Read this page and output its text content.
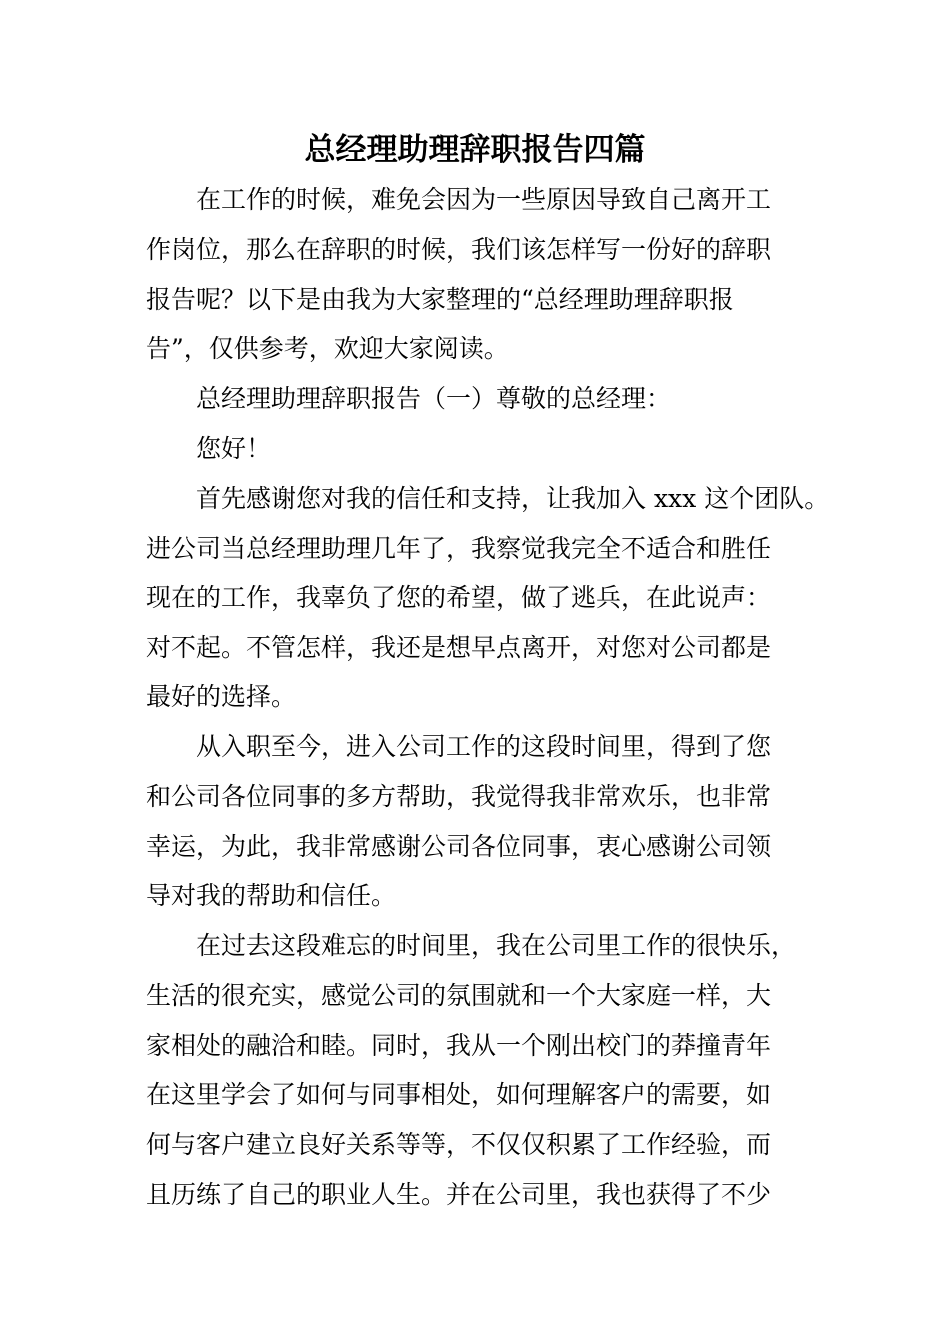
总经理助理辞职报告四篇

在工作的时候，难免会因为一些原因导致自己离开工

作岗位，那么在辞职的时候，我们该怎样写一份好的辞职

报告呢？以下是由我为大家整理的“总经理助理辞职报

告”，仅供参考，欢迎大家阅读。

总经理助理辞职报告（一）尊敬的总经理：

您好！

首先感谢您对我的信任和支持，让我加入 xxx 这个团队。

进公司当总经理助理几年了，我察觉我完全不适合和胜任

现在的工作，我辜负了您的希望，做了逃兵，在此说声：

对不起。不管怎样，我还是想早点离开，对您对公司都是

最好的选择。

从入职至今，进入公司工作的这段时间里，得到了您

和公司各位同事的多方帮助，我觉得我非常欢乐，也非常

幸运，为此，我非常感谢公司各位同事，衷心感谢公司领

导对我的帮助和信任。

在过去这段难忘的时间里，我在公司里工作的很快乐，

生活的很充实，感觉公司的氛围就和一个大家庭一样，大

家相处的融洽和睦。同时，我从一个刚出校门的莽撞青年

在这里学会了如何与同事相处，如何理解客户的需要，如

何与客户建立良好关系等等，不仅仅积累了工作经验，而

且历练了自己的职业人生。并在公司里，我也获得了不少
